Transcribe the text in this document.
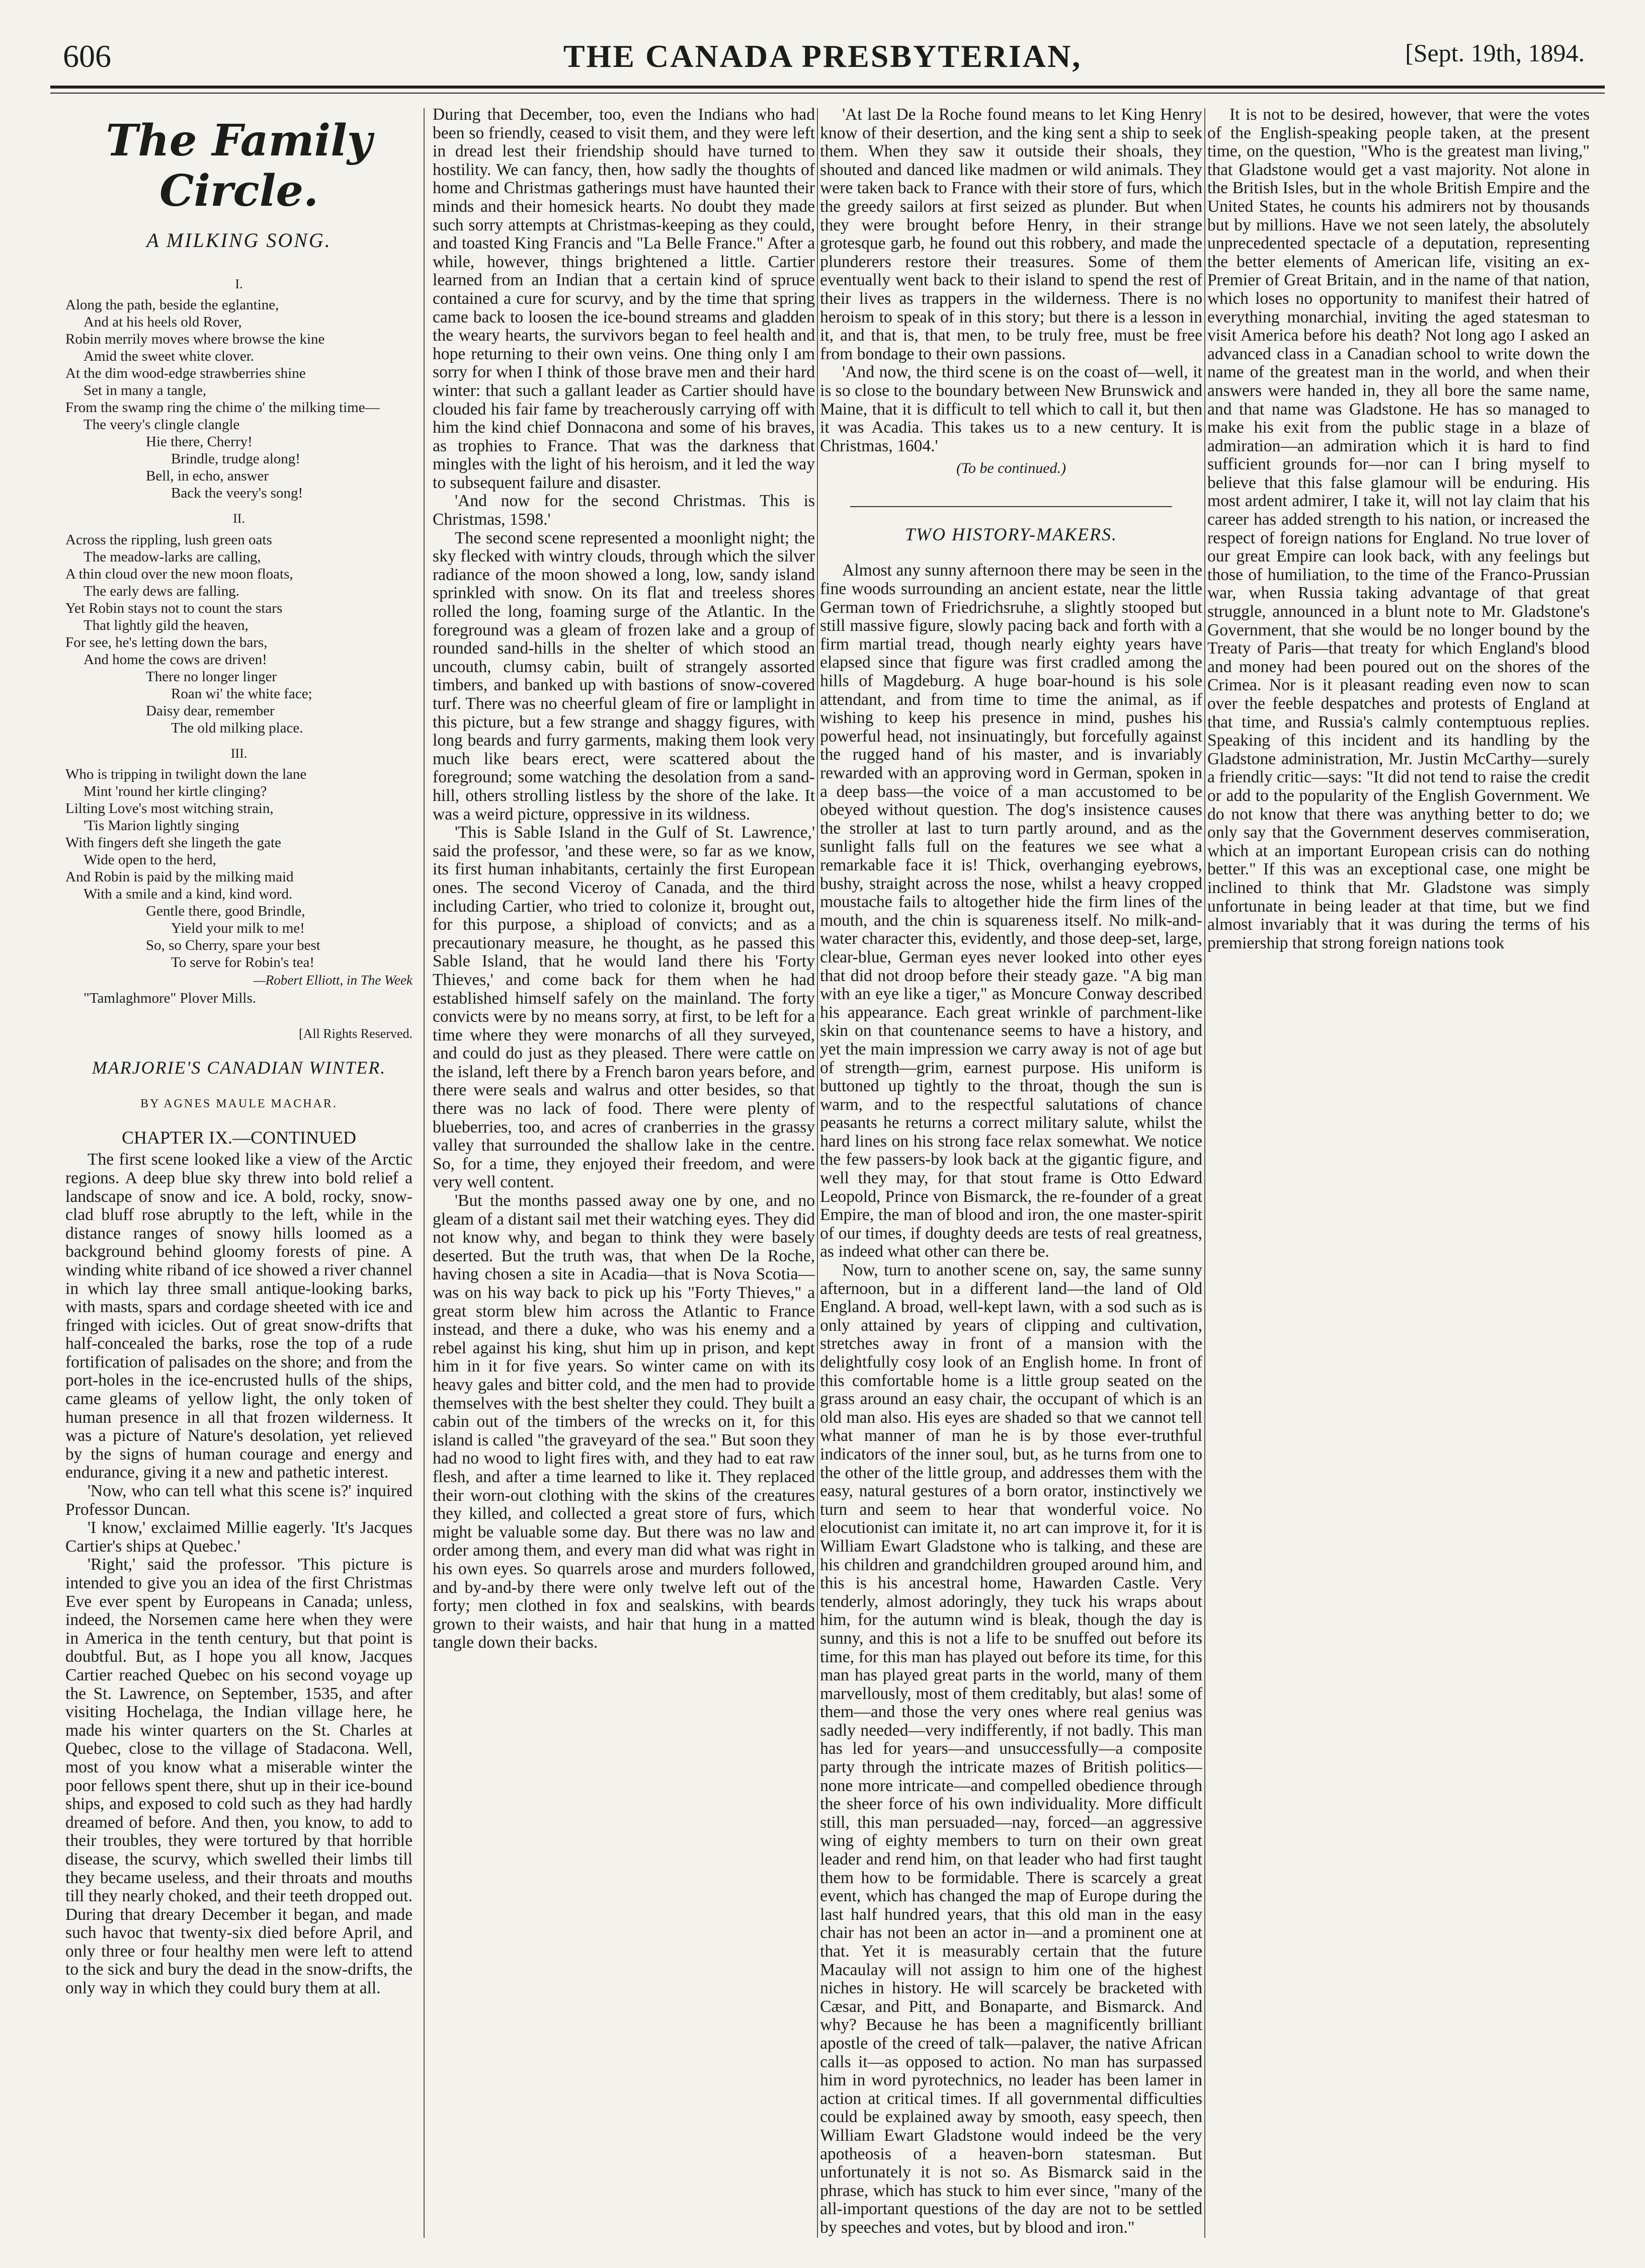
606	THE CANADA PRESBYTERIAN,	[Sept. 19th, 1894.
The Family Circle.
A MILKING SONG.
I.
Along the path, beside the eglantine,
And at his heels old Rover,
Robin merrily moves where browse the kine
Amid the sweet white clover.
At the dim wood-edge strawberries shine
Set in many a tangle,
From the swamp ring the chime o' the milking time—
The veery's clingle clangle
Hie there, Cherry!
Brindle, trudge along!
Bell, in echo, answer
Back the veery's song!
II.
Across the rippling, lush green oats
The meadow-larks are calling,
A thin cloud over the new moon floats,
The early dews are falling.
Yet Robin stays not to count the stars
That lightly gild the heaven,
For see, he's letting down the bars,
And home the cows are driven!
There no longer linger
Roan wi' the white face;
Daisy dear, remember
The old milking place.
III.
Who is tripping in twilight down the lane
Mint 'round her kirtle clinging?
Lilting Love's most witching strain,
'Tis Marion lightly singing
With fingers deft she lingeth the gate
Wide open to the herd,
And Robin is paid by the milking maid
With a smile and a kind, kind word.
Gentle there, good Brindle,
Yield your milk to me!
So, so Cherry, spare your best
To serve for Robin's tea!
—Robert Elliott, in The Week
"Tamlaghmore" Plover Mills.
[All Rights Reserved.
MARJORIE'S CANADIAN WINTER.
BY AGNES MAULE MACHAR.
CHAPTER IX.—CONTINUED

The first scene looked like a view of the Arctic regions. A deep blue sky threw into bold relief a landscape of snow and ice. A bold, rocky, snow-clad bluff rose abruptly to the left, while in the distance ranges of snowy hills loomed as a background behind gloomy forests of pine. A winding white riband of ice showed a river channel in which lay three small antique-looking barks, with masts, spars and cordage sheeted with ice and fringed with icicles. Out of great snow-drifts that half-concealed the barks, rose the top of a rude fortification of palisades on the shore; and from the port-holes in the ice-encrusted hulls of the ships, came gleams of yellow light, the only token of human presence in all that frozen wilderness. It was a picture of Nature's desolation, yet relieved by the signs of human courage and energy and endurance, giving it a new and pathetic interest.

'Now, who can tell what this scene is?' inquired Professor Duncan.

'I know,' exclaimed Millie eagerly. 'It's Jacques Cartier's ships at Quebec.'

'Right,' said the professor. 'This picture is intended to give you an idea of the first Christmas Eve ever spent by Europeans in Canada; unless, indeed, the Norsemen came here when they were in America in the tenth century, but that point is doubtful. But, as I hope you all know, Jacques Cartier reached Quebec on his second voyage up the St. Lawrence, on September, 1535, and after visiting Hochelaga, the Indian village here, he made his winter quarters on the St. Charles at Quebec, close to the village of Stadacona. Well, most of you know what a miserable winter the poor fellows spent there, shut up in their ice-bound ships, and exposed to cold such as they had hardly dreamed of before. And then, you know, to add to their troubles, they were tortured by that horrible disease, the scurvy, which swelled their limbs till they became useless, and their throats and mouths till they nearly choked, and their teeth dropped out. During that dreary December it began, and made such havoc that twenty-six died before April, and only three or four healthy men were left to attend to the sick and bury the dead in the snow-drifts, the only way in which they could bury them at all.

During that December, too, even the Indians who had been so friendly, ceased to visit them, and they were left in dread lest their friendship should have turned to hostility. We can fancy, then, how sadly the thoughts of home and Christmas gatherings must have haunted their minds and their homesick hearts. No doubt they made such sorry attempts at Christmas-keeping as they could, and toasted King Francis and "La Belle France." After a while, however, things brightened a little. Cartier learned from an Indian that a certain kind of spruce contained a cure for scurvy, and by the time that spring came back to loosen the ice-bound streams and gladden the weary hearts, the survivors began to feel health and hope returning to their own veins. One thing only I am sorry for when I think of those brave men and their hard winter: that such a gallant leader as Cartier should have clouded his fair fame by treacherously carrying off with him the kind chief Donnacona and some of his braves, as trophies to France. That was the darkness that mingles with the light of his heroism, and it led the way to subsequent failure and disaster.

'And now for the second Christmas. This is Christmas, 1598.'

The second scene represented a moonlight night; the sky flecked with wintry clouds, through which the silver radiance of the moon showed a long, low, sandy island sprinkled with snow. On its flat and treeless shores rolled the long, foaming surge of the Atlantic. In the foreground was a gleam of frozen lake and a group of rounded sand-hills in the shelter of which stood an uncouth, clumsy cabin, built of strangely assorted timbers, and banked up with bastions of snow-covered turf. There was no cheerful gleam of fire or lamplight in this picture, but a few strange and shaggy figures, with long beards and furry garments, making them look very much like bears erect, were scattered about the foreground; some watching the desolation from a sand-hill, others strolling listless by the shore of the lake. It was a weird picture, oppressive in its wildness.

'This is Sable Island in the Gulf of St. Lawrence,' said the professor, 'and these were, so far as we know, its first human inhabitants, certainly the first European ones. The second Viceroy of Canada, and the third including Cartier, who tried to colonize it, brought out, for this purpose, a shipload of convicts; and as a precautionary measure, he thought, as he passed this Sable Island, that he would land there his 'Forty Thieves,' and come back for them when he had established himself safely on the mainland. The forty convicts were by no means sorry, at first, to be left for a time where they were monarchs of all they surveyed, and could do just as they pleased. There were cattle on the island, left there by a French baron years before, and there were seals and walrus and otter besides, so that there was no lack of food. There were plenty of blueberries, too, and acres of cranberries in the grassy valley that surrounded the shallow lake in the centre. So, for a time, they enjoyed their freedom, and were very well content.

'But the months passed away one by one, and no gleam of a distant sail met their watching eyes. They did not know why, and began to think they were basely deserted. But the truth was, that when De la Roche, having chosen a site in Acadia—that is Nova Scotia—was on his way back to pick up his "Forty Thieves," a great storm blew him across the Atlantic to France instead, and there a duke, who was his enemy and a rebel against his king, shut him up in prison, and kept him in it for five years. So winter came on with its heavy gales and bitter cold, and the men had to provide themselves with the best shelter they could. They built a cabin out of the timbers of the wrecks on it, for this island is called "the graveyard of the sea." But soon they had no wood to light fires with, and they had to eat raw flesh, and after a time learned to like it. They replaced their worn-out clothing with the skins of the creatures they killed, and collected a great store of furs, which might be valuable some day. But there was no law and order among them, and every man did what was right in his own eyes. So quarrels arose and murders followed, and by-and-by there were only twelve left out of the forty; men clothed in fox and sealskins, with beards grown to their waists, and hair that hung in a matted tangle down their backs.

'At last De la Roche found means to let King Henry know of their desertion, and the king sent a ship to seek them. When they saw it outside their shoals, they shouted and danced like madmen or wild animals. They were taken back to France with their store of furs, which the greedy sailors at first seized as plunder. But when they were brought before Henry, in their strange grotesque garb, he found out this robbery, and made the plunderers restore their treasures. Some of them eventually went back to their island to spend the rest of their lives as trappers in the wilderness. There is no heroism to speak of in this story; but there is a lesson in it, and that is, that men, to be truly free, must be free from bondage to their own passions.

'And now, the third scene is on the coast of—well, it is so close to the boundary between New Brunswick and Maine, that it is difficult to tell which to call it, but then it was Acadia. This takes us to a new century. It is Christmas, 1604.'

(To be continued.)
TWO HISTORY-MAKERS.

Almost any sunny afternoon there may be seen in the fine woods surrounding an ancient estate, near the little German town of Friedrichsruhe, a slightly stooped but still massive figure, slowly pacing back and forth with a firm martial tread, though nearly eighty years have elapsed since that figure was first cradled among the hills of Magdeburg. A huge boar-hound is his sole attendant, and from time to time the animal, as if wishing to keep his presence in mind, pushes his powerful head, not insinuatingly, but forcefully against the rugged hand of his master, and is invariably rewarded with an approving word in German, spoken in a deep bass—the voice of a man accustomed to be obeyed without question. The dog's insistence causes the stroller at last to turn partly around, and as the sunlight falls full on the features we see what a remarkable face it is! Thick, overhanging eyebrows, bushy, straight across the nose, whilst a heavy cropped moustache fails to altogether hide the firm lines of the mouth, and the chin is squareness itself. No milk-and-water character this, evidently, and those deep-set, large, clear-blue, German eyes never looked into other eyes that did not droop before their steady gaze. "A big man with an eye like a tiger," as Moncure Conway described his appearance. Each great wrinkle of parchment-like skin on that countenance seems to have a history, and yet the main impression we carry away is not of age but of strength—grim, earnest purpose. His uniform is buttoned up tightly to the throat, though the sun is warm, and to the respectful salutations of chance peasants he returns a correct military salute, whilst the hard lines on his strong face relax somewhat. We notice the few passers-by look back at the gigantic figure, and well they may, for that stout frame is Otto Edward Leopold, Prince von Bismarck, the re-founder of a great Empire, the man of blood and iron, the one master-spirit of our times, if doughty deeds are tests of real greatness, as indeed what other can there be.

Now, turn to another scene on, say, the same sunny afternoon, but in a different land—the land of Old England. A broad, well-kept lawn, with a sod such as is only attained by years of clipping and cultivation, stretches away in front of a mansion with the delightfully cosy look of an English home. In front of this comfortable home is a little group seated on the grass around an easy chair, the occupant of which is an old man also. His eyes are shaded so that we cannot tell what manner of man he is by those ever-truthful indicators of the inner soul, but, as he turns from one to the other of the little group, and addresses them with the easy, natural gestures of a born orator, instinctively we turn and seem to hear that wonderful voice. No elocutionist can imitate it, no art can improve it, for it is William Ewart Gladstone who is talking, and these are his children and grandchildren grouped around him, and this is his ancestral home, Hawarden Castle. Very tenderly, almost adoringly, they tuck his wraps about him, for the autumn wind is bleak, though the day is sunny, and this is not a life to be snuffed out before its time, for this man has played out before its time, for this man has played great parts in the world, many of them marvellously, most of them creditably, but alas! some of them—and those the very ones where real genius was sadly needed—very indifferently, if not badly. This man has led for years—and unsuccessfully—a composite party through the intricate mazes of British politics—none more intricate—and compelled obedience through the sheer force of his own individuality. More difficult still, this man persuaded—nay, forced—an aggressive wing of eighty members to turn on their own great leader and rend him, on that leader who had first taught them how to be formidable. There is scarcely a great event, which has changed the map of Europe during the last half hundred years, that this old man in the easy chair has not been an actor in—and a prominent one at that. Yet it is measurably certain that the future Macaulay will not assign to him one of the highest niches in history. He will scarcely be bracketed with Cæsar, and Pitt, and Bonaparte, and Bismarck. And why? Because he has been a magnificently brilliant apostle of the creed of talk—palaver, the native African calls it—as opposed to action. No man has surpassed him in word pyrotechnics, no leader has been lamer in action at critical times. If all governmental difficulties could be explained away by smooth, easy speech, then William Ewart Gladstone would indeed be the very apotheosis of a heaven-born statesman. But unfortunately it is not so. As Bismarck said in the phrase, which has stuck to him ever since, "many of the all-important questions of the day are not to be settled by speeches and votes, but by blood and iron."

It is not to be desired, however, that were the votes of the English-speaking people taken, at the present time, on the question, "Who is the greatest man living," that Gladstone would get a vast majority. Not alone in the British Isles, but in the whole British Empire and the United States, he counts his admirers not by thousands but by millions. Have we not seen lately, the absolutely unprecedented spectacle of a deputation, representing the better elements of American life, visiting an ex-Premier of Great Britain, and in the name of that nation, which loses no opportunity to manifest their hatred of everything monarchial, inviting the aged statesman to visit America before his death? Not long ago I asked an advanced class in a Canadian school to write down the name of the greatest man in the world, and when their answers were handed in, they all bore the same name, and that name was Gladstone. He has so managed to make his exit from the public stage in a blaze of admiration—an admiration which it is hard to find sufficient grounds for—nor can I bring myself to believe that this false glamour will be enduring. His most ardent admirer, I take it, will not lay claim that his career has added strength to his nation, or increased the respect of foreign nations for England. No true lover of our great Empire can look back, with any feelings but those of humiliation, to the time of the Franco-Prussian war, when Russia taking advantage of that great struggle, announced in a blunt note to Mr. Gladstone's Government, that she would be no longer bound by the Treaty of Paris—that treaty for which England's blood and money had been poured out on the shores of the Crimea. Nor is it pleasant reading even now to scan over the feeble despatches and protests of England at that time, and Russia's calmly contemptuous replies. Speaking of this incident and its handling by the Gladstone administration, Mr. Justin McCarthy—surely a friendly critic—says: "It did not tend to raise the credit or add to the popularity of the English Government. We do not know that there was anything better to do; we only say that the Government deserves commiseration, which at an important European crisis can do nothing better." If this was an exceptional case, one might be inclined to think that Mr. Gladstone was simply unfortunate in being leader at that time, but we find almost invariably that it was during the terms of his premiership that strong foreign nations took
